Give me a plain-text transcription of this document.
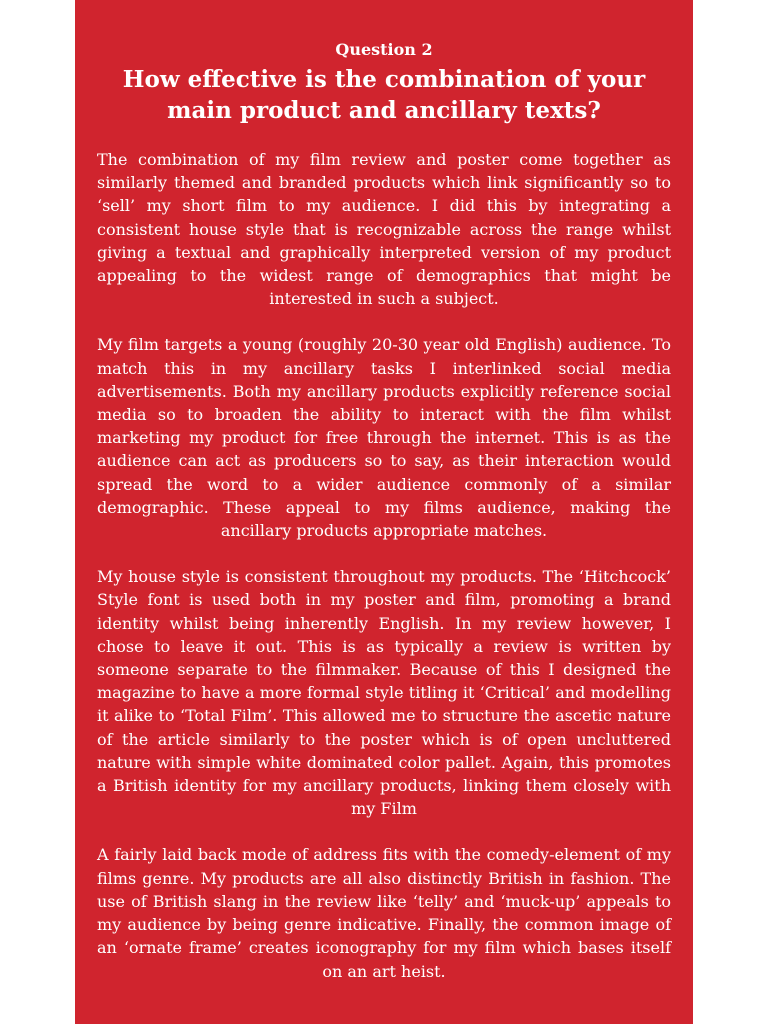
Question 2

How effective is the combination of your main product and ancillary texts?

The combination of my film review and poster come together as similarly themed and branded products which link significantly so to ‘sell’ my short film to my audience. I did this by integrating a consistent house style that is recognizable across the range whilst giving a textual and graphically interpreted version of my product appealing to the widest range of demographics that might be interested in such a subject.

My film targets a young (roughly 20-30 year old English) audience. To match this in my ancillary tasks I interlinked social media advertisements. Both my ancillary products explicitly reference social media so to broaden the ability to interact with the film whilst marketing my product for free through the internet. This is as the audience can act as producers so to say, as their interaction would spread the word to a wider audience commonly of a similar demographic. These appeal to my films audience, making the ancillary products appropriate matches.

My house style is consistent throughout my products. The ‘Hitchcock’ Style font is used both in my poster and film, promoting a brand identity whilst being inherently English. In my review however, I chose to leave it out. This is as typically a review is written by someone separate to the filmmaker. Because of this I designed the magazine to have a more formal style titling it ‘Critical’ and modelling it alike to ‘Total Film’. This allowed me to structure the ascetic nature of the article similarly to the poster which is of open uncluttered nature with simple white dominated color pallet. Again, this promotes a British identity for my ancillary products, linking them closely with my Film

A fairly laid back mode of address fits with the comedy-element of my films genre. My products are all also distinctly British in fashion. The use of British slang in the review like ‘telly’ and ‘muck-up’ appeals to my audience by being genre indicative. Finally, the common image of an ‘ornate frame’ creates iconography for my film which bases itself on an art heist.
